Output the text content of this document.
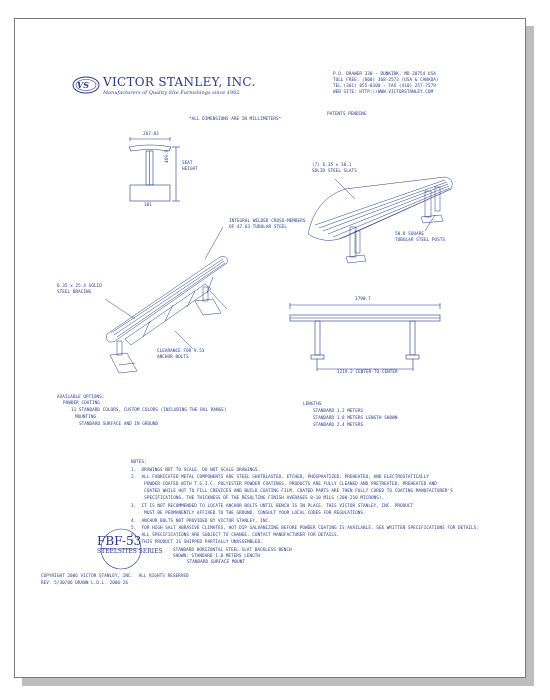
VS VICTOR STANLEY, INC.
Manufacturers of Quality Site Furnishings since 1962
P.O. DRAWER 330 - DUNKIRK, MD 20754 USA
TOLL FREE: (800) 368-2573 (USA & CANADA)
TEL (301) 855-8300 - FAX (410) 257-7579
WEB SITE: HTTP://WWW.VICTORSTANLEY.COM
*ALL DIMENSIONS ARE IN MILLIMETERS*
PATENTS PENDING
267.83
469.9
SEAT
HEIGHT
381
(7) 6.35 x 38.1
SOLID STEEL SLATS
INTEGRAL WELDED CROSS-MEMBERS
OF 47.63 TUBULAR STEEL
50.8 SQUARE
TUBULAR STEEL POSTS
6.35 x 25.4 SOLID
STEEL BRACING
CLEARANCE FOR 9.53
ANCHOR BOLTS
1790.7
1219.2 CENTER-TO-CENTER
AVAILABLE OPTIONS:
POWDER COATING
11 STANDARD COLORS, CUSTOM COLORS (INCLUDING THE RAL RANGE)
MOUNTING
STANDARD SURFACE AND IN GROUND
LENGTHS
STANDARD 1.2 METERS
STANDARD 1.8 METERS LENGTH SHOWN
STANDARD 2.4 METERS
NOTES:
1.  DRAWINGS NOT TO SCALE. DO NOT SCALE DRAWINGS.
2.  ALL FABRICATED METAL COMPONENTS ARE STEEL SHOTBLASTED, ETCHED, PHOSPHATIZED, PREHEATED, AND ELECTROSTATICALLY
POWDER-COATED WITH T.G.I.C. POLYESTER POWDER COATINGS. PRODUCTS ARE FULLY CLEANED AND PRETREATED, PREHEATED AND
COATED WHILE HOT TO FILL CREVICES AND BUILD COATING FILM. COATED PARTS ARE THEN FULLY CURED TO COATING MANUFACTURER'S
SPECIFICATIONS. THE THICKNESS OF THE RESULTING FINISH AVERAGES 8-10 MILS (200-250 MICRONS).
3.  IT IS NOT RECOMMENDED TO LOCATE ANCHOR BOLTS UNTIL BENCH IS IN PLACE. THIS VICTOR STANLEY, INC. PRODUCT
MUST BE PERMANENTLY AFFIXED TO THE GROUND. CONSULT YOUR LOCAL CODES FOR REGULATIONS.
4.  ANCHOR BOLTS NOT PROVIDED BY VICTOR STANLEY, INC.
5.  FOR HIGH SALT ABRASIVE CLIMATES, HOT DIP GALVANIZING BEFORE POWDER COATING IS AVAILABLE. SEE WRITTEN SPECIFICATIONS FOR DETAILS.
6.  ALL SPECIFICATIONS ARE SUBJECT TO CHANGE. CONTACT MANUFACTURER FOR DETAILS.
7.  THIS PRODUCT IS SHIPPED PARTIALLY UNASSEMBLED.
FBF-53
STEELSITES SERIES STANDARD HORIZONTAL STEEL SLAT BACKLESS BENCH
SHOWN: STANDARD 1.8 METERS LENGTH
STANDARD SURFACE MOUNT
COPYRIGHT 2006 VICTOR STANLEY, INC.  ALL RIGHTS RESERVED
REV. 5/30/06 DRAWN L.D.L. 2006-26
